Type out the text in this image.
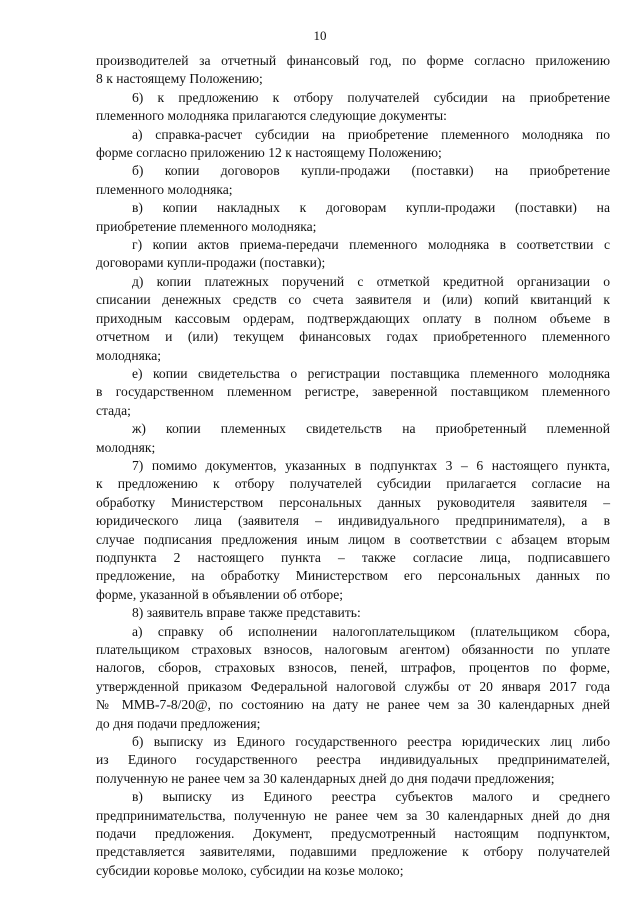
10

производителей за отчетный финансовый год, по форме согласно приложению

8 к настоящему Положению;

6) к предложению к отбору получателей субсидии на приобретение

племенного молодняка прилагаются следующие документы:

а) справка-расчет субсидии на приобретение племенного молодняка по

форме согласно приложению 12 к настоящему Положению;

б) копии договоров купли-продажи (поставки) на приобретение

племенного молодняка;

в) копии накладных к договорам купли-продажи (поставки) на

приобретение племенного молодняка;

г) копии актов приема-передачи племенного молодняка в соответствии с

договорами купли-продажи (поставки);

д) копии платежных поручений с отметкой кредитной организации о

списании денежных средств со счета заявителя и (или) копий квитанций к

приходным кассовым ордерам, подтверждающих оплату в полном объеме в

отчетном и (или) текущем финансовых годах приобретенного племенного

молодняка;

е) копии свидетельства о регистрации поставщика племенного молодняка

в государственном племенном регистре, заверенной поставщиком племенного

стада;

ж) копии племенных свидетельств на приобретенный племенной

молодняк;

7) помимо документов, указанных в подпунктах 3 – 6 настоящего пункта,

к предложению к отбору получателей субсидии прилагается согласие на

обработку Министерством персональных данных руководителя заявителя –

юридического лица (заявителя – индивидуального предпринимателя), а в

случае подписания предложения иным лицом в соответствии с абзацем вторым

подпункта 2 настоящего пункта – также согласие лица, подписавшего

предложение, на обработку Министерством его персональных данных по

форме, указанной в объявлении об отборе;

8) заявитель вправе также представить:

а) справку об исполнении налогоплательщиком (плательщиком сбора,

плательщиком страховых взносов, налоговым агентом) обязанности по уплате

налогов, сборов, страховых взносов, пеней, штрафов, процентов по форме,

утвержденной приказом Федеральной налоговой службы от 20 января 2017 года

№ ММВ-7-8/20@, по состоянию на дату не ранее чем за 30 календарных дней

до дня подачи предложения;

б) выписку из Единого государственного реестра юридических лиц либо

из Единого государственного реестра индивидуальных предпринимателей,

полученную не ранее чем за 30 календарных дней до дня подачи предложения;

в) выписку из Единого реестра субъектов малого и среднего

предпринимательства, полученную не ранее чем за 30 календарных дней до дня

подачи предложения. Документ, предусмотренный настоящим подпунктом,

представляется заявителями, подавшими предложение к отбору получателей

субсидии коровье молоко, субсидии на козье молоко;
